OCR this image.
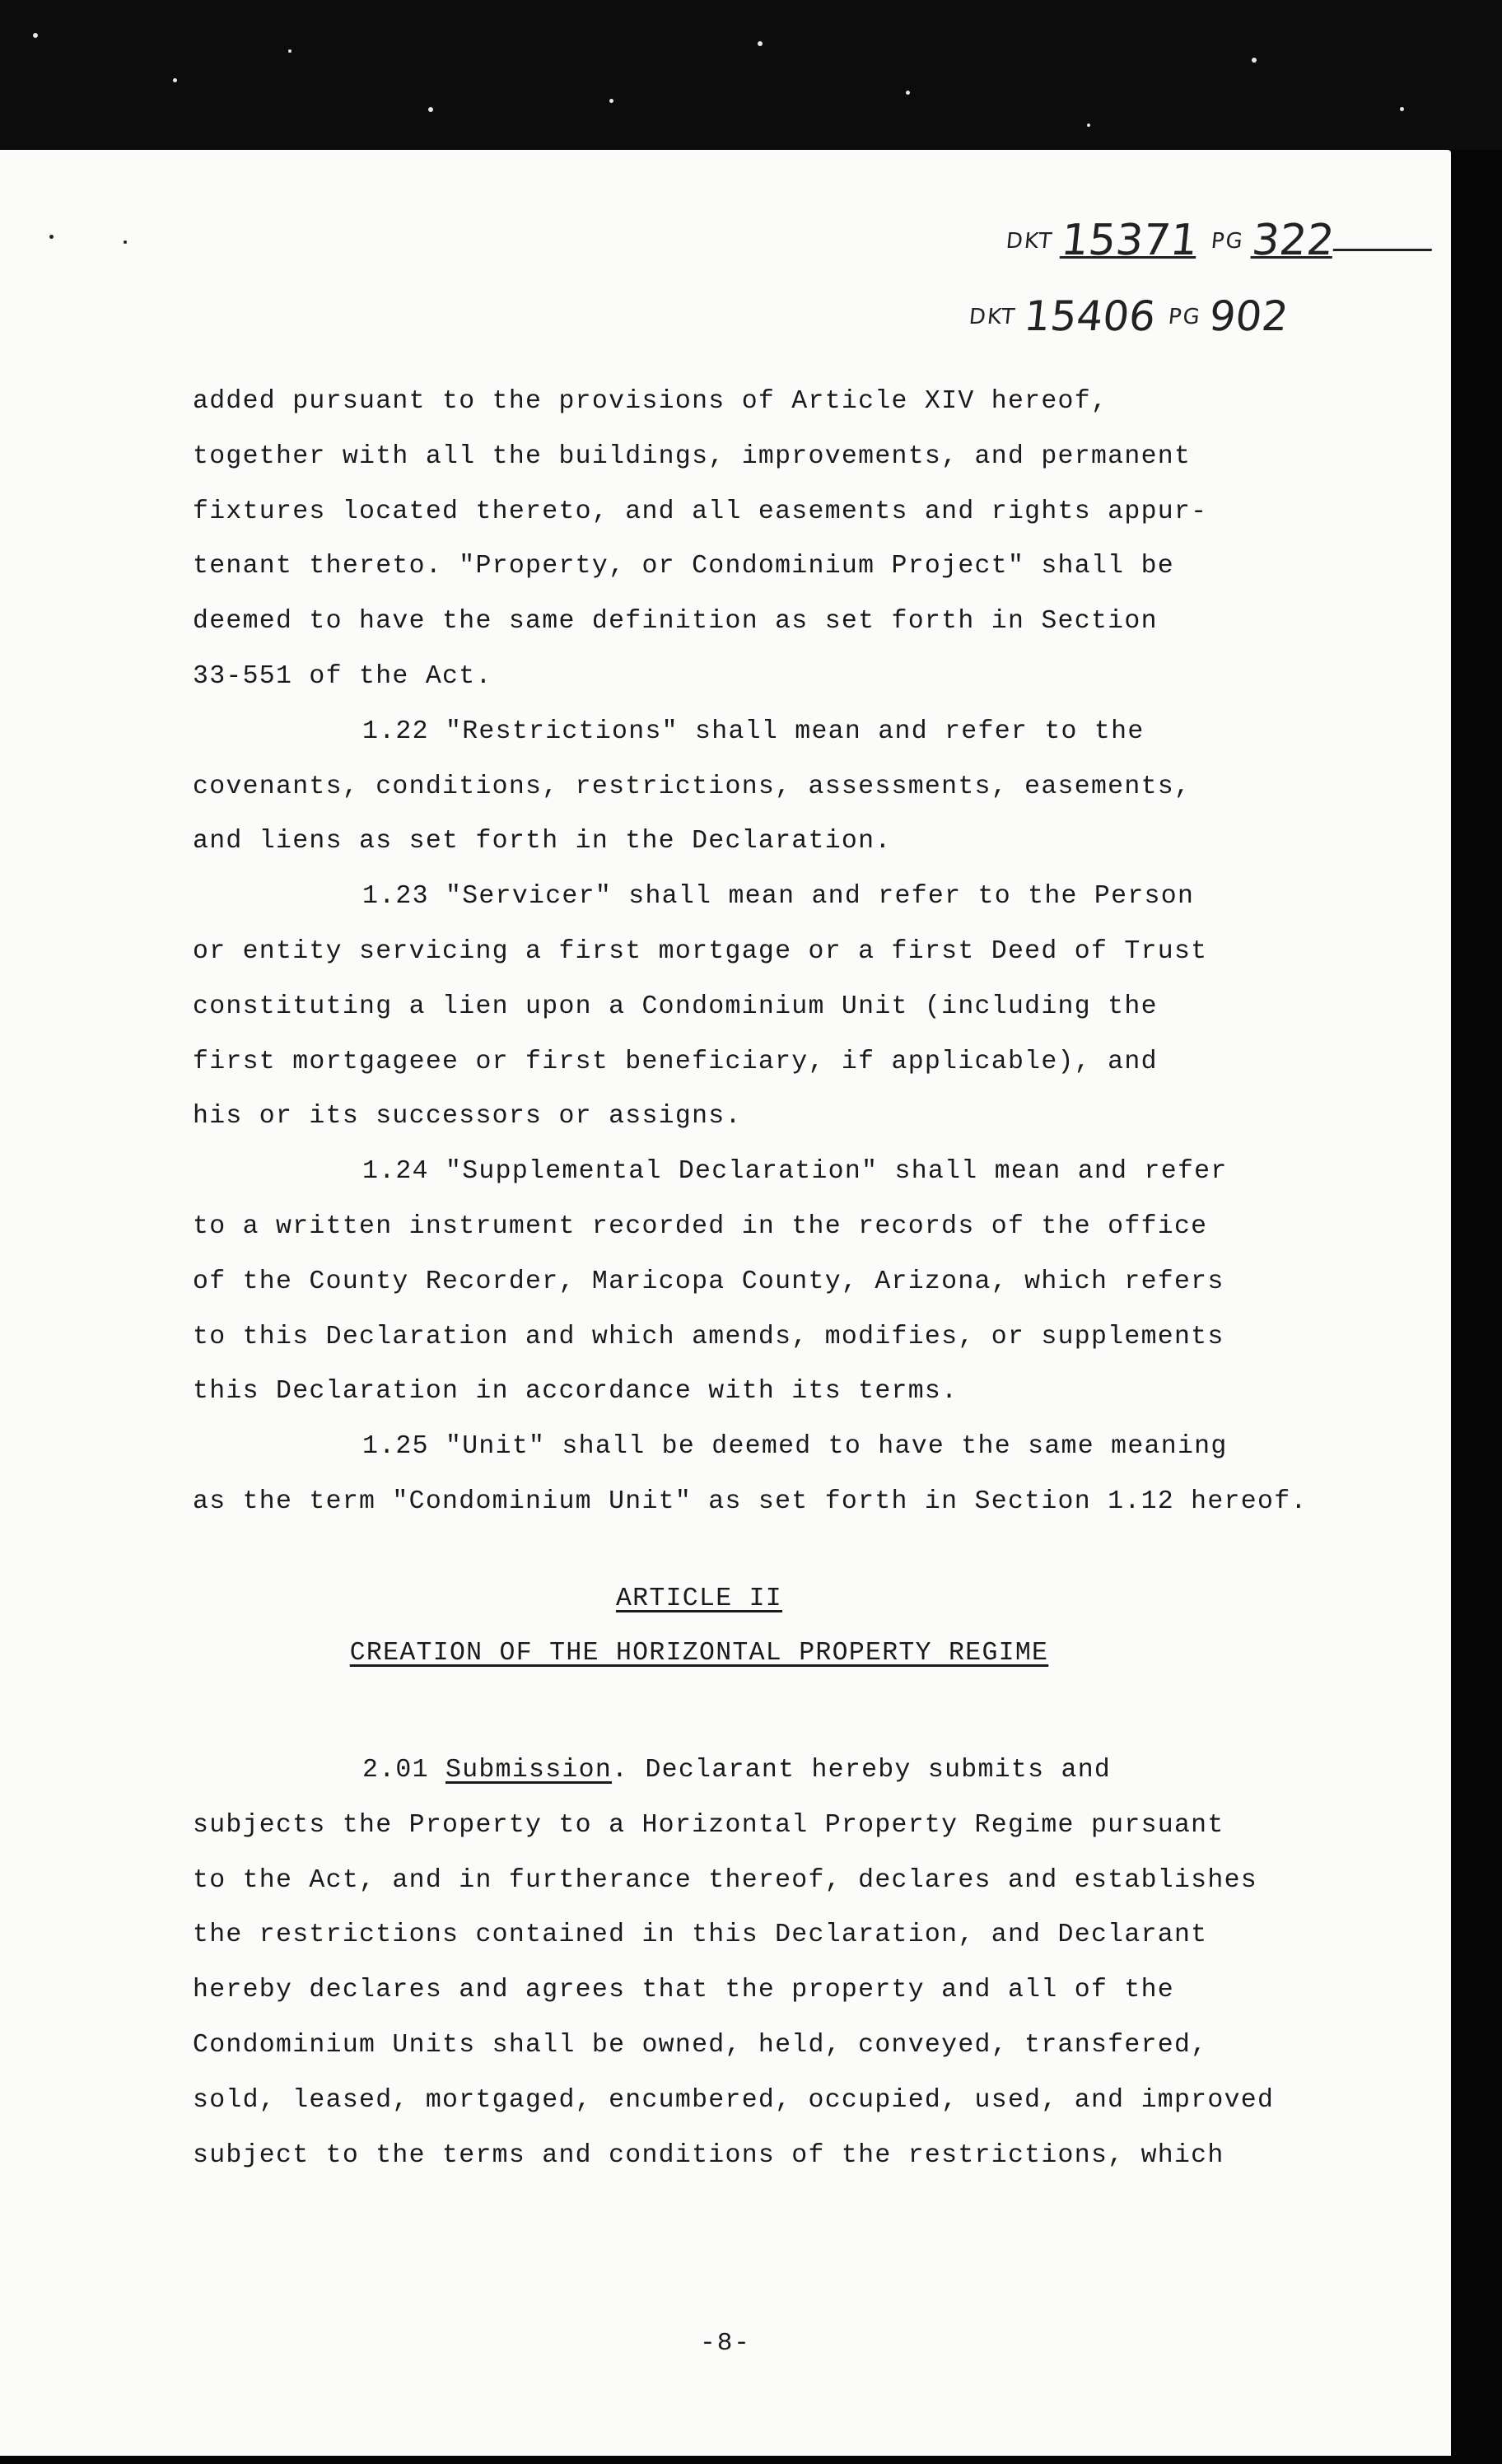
DKT 15371 PG 322
DKT 15406 PG 902
added pursuant to the provisions of Article XIV hereof,
together with all the buildings, improvements, and permanent
fixtures located thereto, and all easements and rights appur-
tenant thereto. "Property, or Condominium Project" shall be
deemed to have the same definition as set forth in Section
33-551 of the Act.
1.22 "Restrictions" shall mean and refer to the
covenants, conditions, restrictions, assessments, easements,
and liens as set forth in the Declaration.
1.23 "Servicer" shall mean and refer to the Person
or entity servicing a first mortgage or a first Deed of Trust
constituting a lien upon a Condominium Unit (including the
first mortgageee or first beneficiary, if applicable), and
his or its successors or assigns.
1.24 "Supplemental Declaration" shall mean and refer
to a written instrument recorded in the records of the office
of the County Recorder, Maricopa County, Arizona, which refers
to this Declaration and which amends, modifies, or supplements
this Declaration in accordance with its terms.
1.25 "Unit" shall be deemed to have the same meaning
as the term "Condominium Unit" as set forth in Section 1.12 hereof.
ARTICLE II
CREATION OF THE HORIZONTAL PROPERTY REGIME
2.01 Submission. Declarant hereby submits and
subjects the Property to a Horizontal Property Regime pursuant
to the Act, and in furtherance thereof, declares and establishes
the restrictions contained in this Declaration, and Declarant
hereby declares and agrees that the property and all of the
Condominium Units shall be owned, held, conveyed, transfered,
sold, leased, mortgaged, encumbered, occupied, used, and improved
subject to the terms and conditions of the restrictions, which
-8-
